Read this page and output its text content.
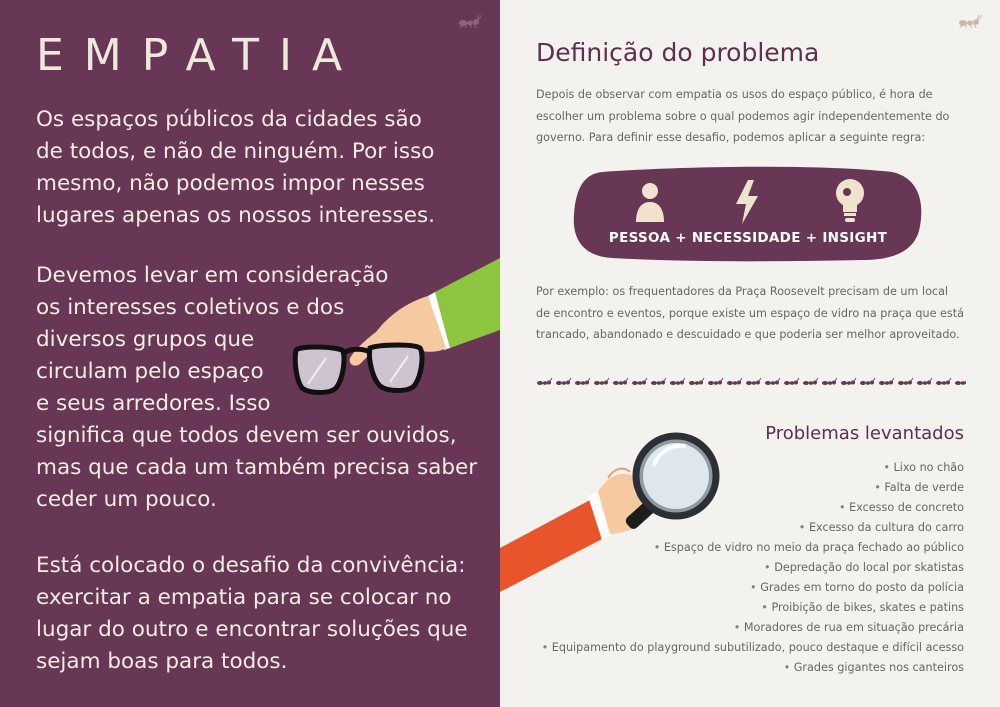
EMPATIA

Os espaços públicos da cidades são
de todos, e não de ninguém. Por isso
mesmo, não podemos impor nesses
lugares apenas os nossos interesses.

Devemos levar em consideração
os interesses coletivos e dos
diversos grupos que
circulam pelo espaço
e seus arredores. Isso
significa que todos devem ser ouvidos,
mas que cada um também precisa saber
ceder um pouco.

Está colocado o desafio da convivência:
exercitar a empatia para se colocar no
lugar do outro e encontrar soluções que
sejam boas para todos.

Definição do problema

Depois de observar com empatia os usos do espaço público, é hora de
escolher um problema sobre o qual podemos agir independentemente do
governo. Para definir esse desafio, podemos aplicar a seguinte regra:

PESSOA + NECESSIDADE + INSIGHT

Por exemplo: os frequentadores da Praça Roosevelt precisam de um local
de encontro e eventos, porque existe um espaço de vidro na praça que está
trancado, abandonado e descuidado e que poderia ser melhor aproveitado.

Problemas levantados
• Lixo no chão
• Falta de verde
• Excesso de concreto
• Excesso da cultura do carro
• Espaço de vidro no meio da praça fechado ao público
• Depredação do local por skatistas
• Grades em torno do posto da polícia
• Proibição de bikes, skates e patins
• Moradores de rua em situação precária
• Equipamento do playground subutilizado, pouco destaque e difícil acesso
• Grades gigantes nos canteiros
